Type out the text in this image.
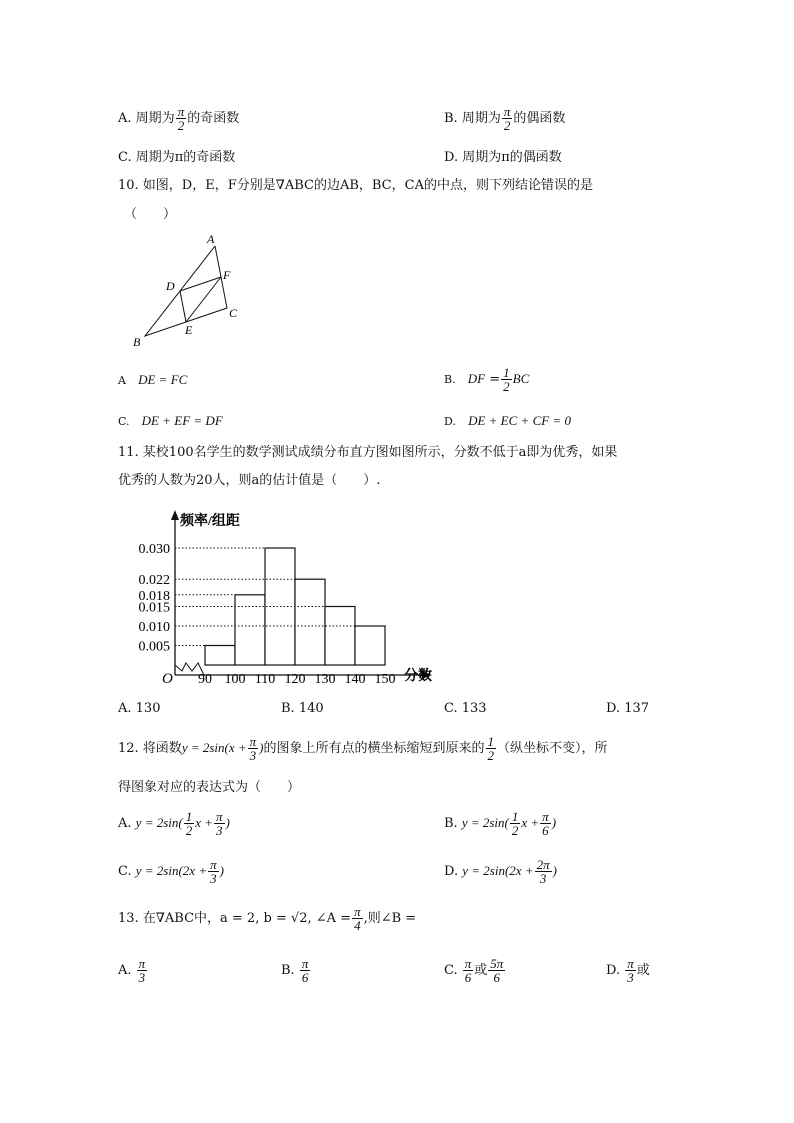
A. 周期为 $\frac{\pi}{2}$ 的奇函数	B. 周期为 $\frac{\pi}{2}$ 的偶函数
C. 周期为π的奇函数	D. 周期为π的偶函数
10. 如图，D，E，F分别是∇ABC的边AB，BC，CA的中点，则下列结论错误的是
（　　）
A
B
C
D
E
F
A DE = FC	B. DF = $\frac{1}{2}$ BC
C. DE + EF = DF	D. DE + EC + CF = 0
11. 某校100名学生的数学测试成绩分布直方图如图所示，分数不低于a即为优秀，如果
优秀的人数为20人，则a的估计值是（　　）.
频率/组距
分数
O
0.030
0.022
0.018
0.015
0.010
0.005
90 100 110 120 130 140 150
A. 130	B. 140	C. 133	D. 137
12. 将函数$y = 2\sin(x + \frac{\pi}{3}$ )的图象上所有点的横坐标缩短到原来的 $\frac{1}{2}$ （纵坐标不变），所
得图象对应的表达式为（　　）
A. $y = 2\sin( \frac{1}{2}$ $x + \frac{\pi}{3}$ )	B. $y = 2\sin( \frac{1}{2}$ $x + \frac{\pi}{6}$ )
C. $y = 2\sin(2x + \frac{\pi}{3}$ )	D. $y = 2\sin(2x + \frac{2\pi}{3}$ )
13. 在∇ABC中，a = 2, b = √2, ∠A = $\frac{\pi}{4}$ ,则∠B =
A. $\frac{\pi}{3}$	B. $\frac{\pi}{6}$	C. $\frac{\pi}{6}$ 或 $\frac{5\pi}{6}$	D. $\frac{\pi}{3}$ 或
